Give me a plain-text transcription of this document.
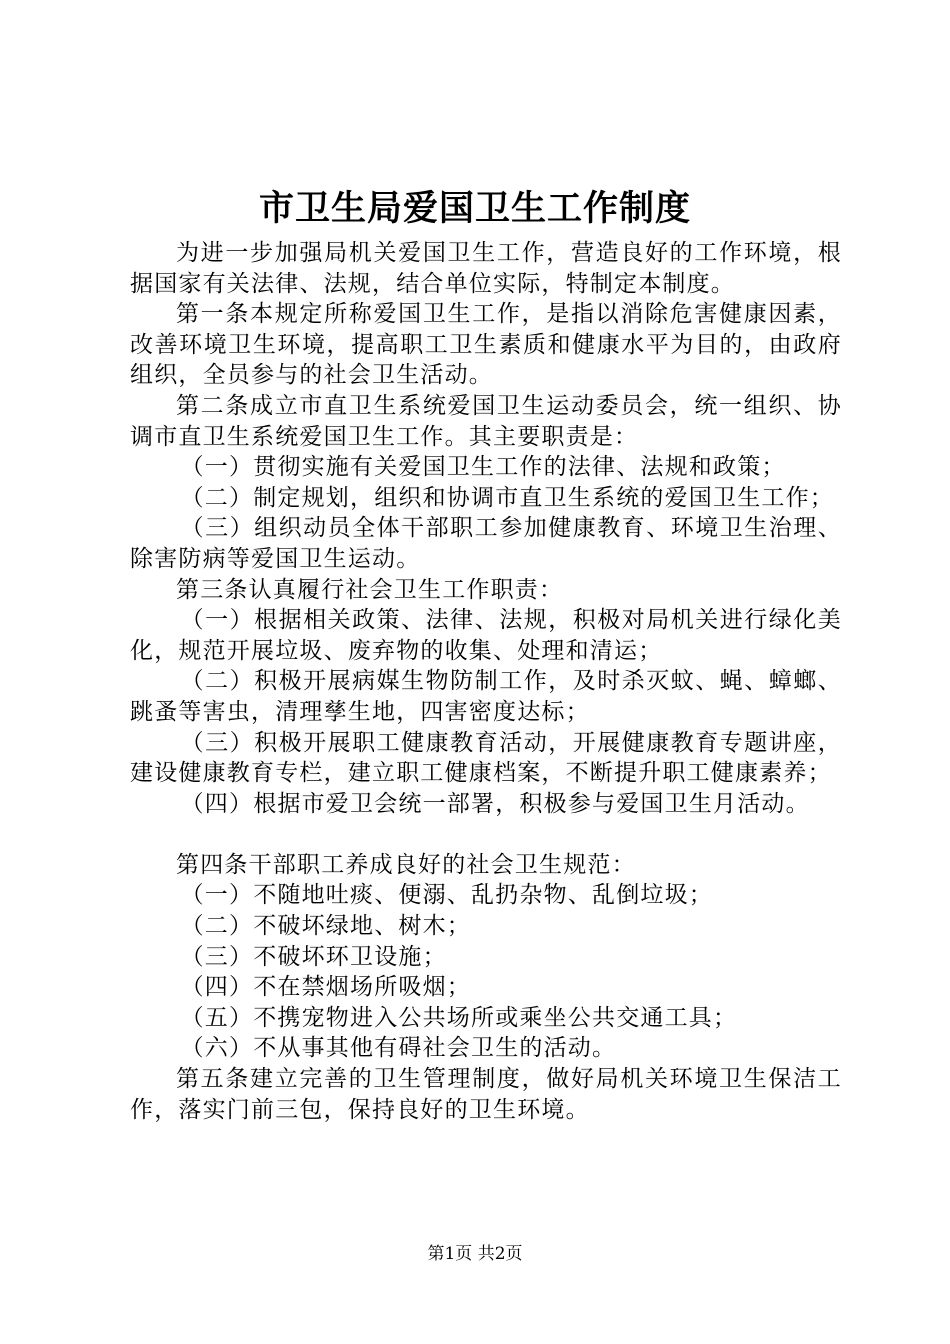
市卫生局爱国卫生工作制度

为进一步加强局机关爱国卫生工作，营造良好的工作环境，根据国家有关法律、法规，结合单位实际，特制定本制度。

第一条本规定所称爱国卫生工作，是指以消除危害健康因素，改善环境卫生环境，提高职工卫生素质和健康水平为目的，由政府组织，全员参与的社会卫生活动。

第二条成立市直卫生系统爱国卫生运动委员会，统一组织、协调市直卫生系统爱国卫生工作。其主要职责是：

（一）贯彻实施有关爱国卫生工作的法律、法规和政策；

（二）制定规划，组织和协调市直卫生系统的爱国卫生工作；

（三）组织动员全体干部职工参加健康教育、环境卫生治理、除害防病等爱国卫生运动。

第三条认真履行社会卫生工作职责：

（一）根据相关政策、法律、法规，积极对局机关进行绿化美化，规范开展垃圾、废弃物的收集、处理和清运；

（二）积极开展病媒生物防制工作，及时杀灭蚊、蝇、蟑螂、跳蚤等害虫，清理孳生地，四害密度达标；

（三）积极开展职工健康教育活动，开展健康教育专题讲座，建设健康教育专栏，建立职工健康档案，不断提升职工健康素养；

（四）根据市爱卫会统一部署，积极参与爱国卫生月活动。

第四条干部职工养成良好的社会卫生规范：

（一）不随地吐痰、便溺、乱扔杂物、乱倒垃圾；

（二）不破坏绿地、树木；

（三）不破坏环卫设施；

（四）不在禁烟场所吸烟；

（五）不携宠物进入公共场所或乘坐公共交通工具；

（六）不从事其他有碍社会卫生的活动。

第五条建立完善的卫生管理制度，做好局机关环境卫生保洁工作，落实门前三包，保持良好的卫生环境。

第1页 共2页
